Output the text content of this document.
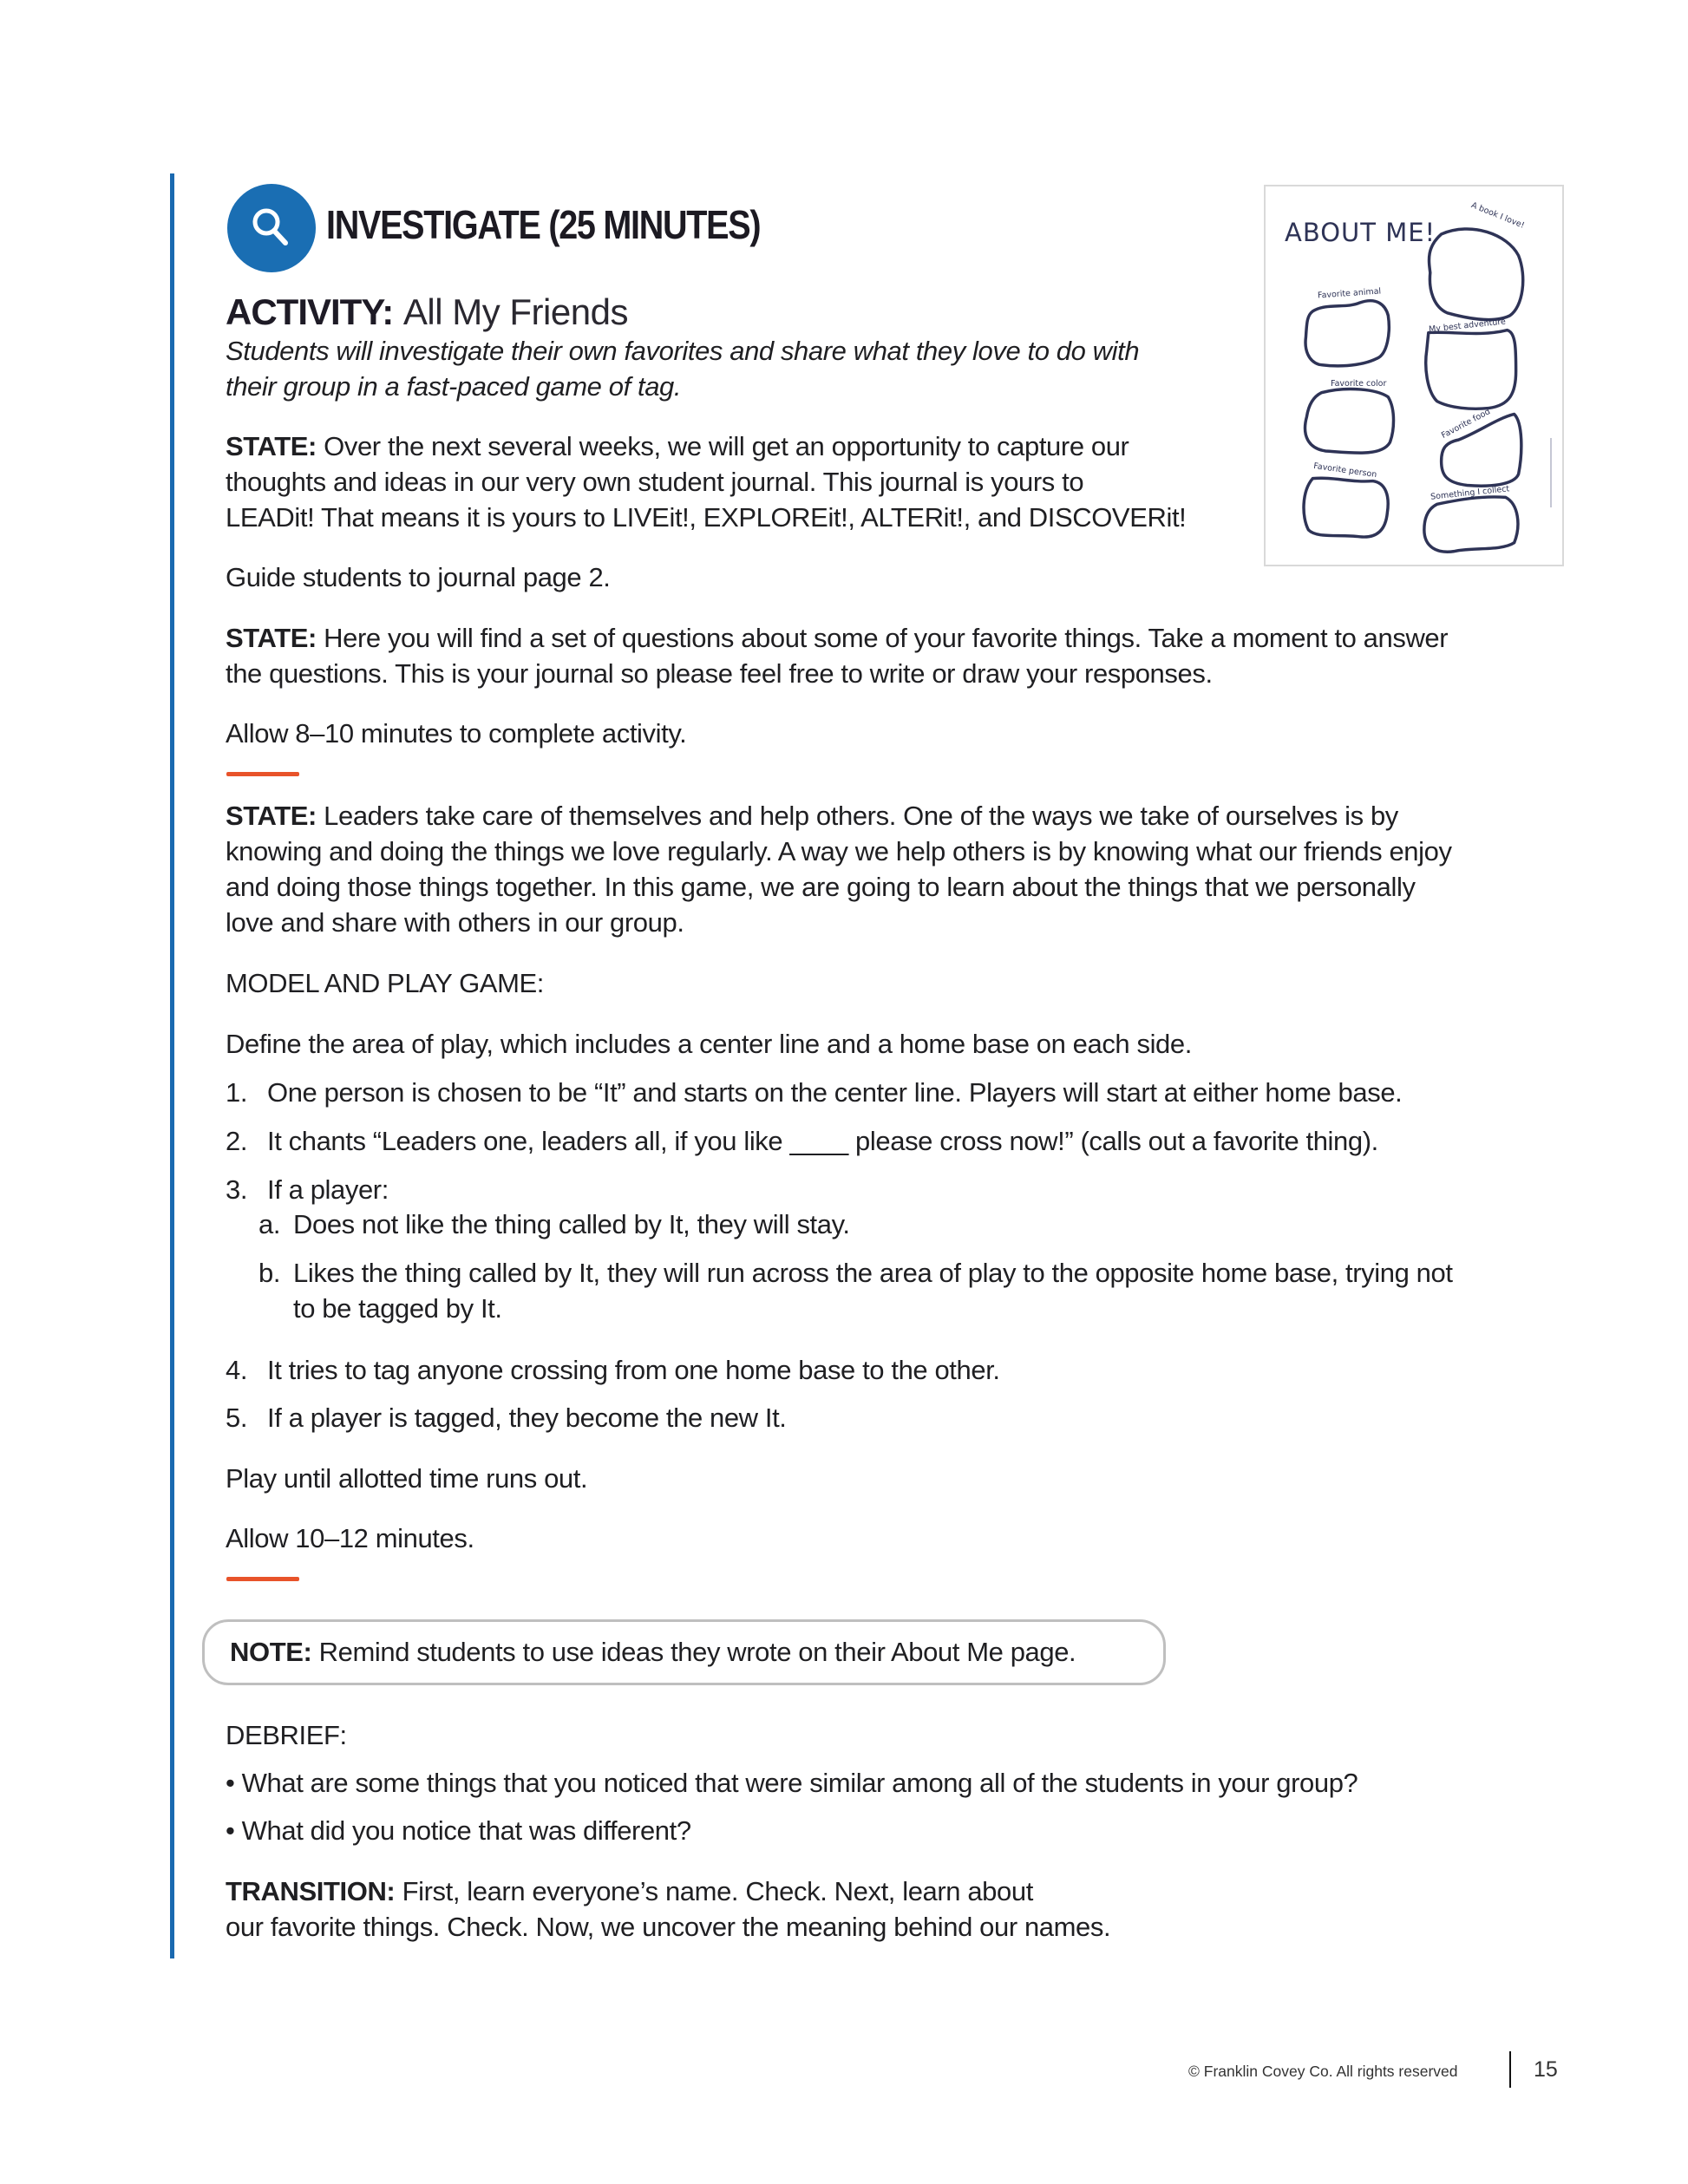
INVESTIGATE (25 MINUTES)
ACTIVITY: All My Friends
Students will investigate their own favorites and share what they love to do with
their group in a fast-paced game of tag.
STATE: Over the next several weeks, we will get an opportunity to capture our
thoughts and ideas in our very own student journal. This journal is yours to
LEADit! That means it is yours to LIVEit!, EXPLOREit!, ALTERit!, and DISCOVERit!
Guide students to journal page 2.
STATE: Here you will find a set of questions about some of your favorite things. Take a moment to answer
the questions. This is your journal so please feel free to write or draw your responses.
Allow 8–10 minutes to complete activity.
STATE: Leaders take care of themselves and help others. One of the ways we take of ourselves is by
knowing and doing the things we love regularly. A way we help others is by knowing what our friends enjoy
and doing those things together. In this game, we are going to learn about the things that we personally
love and share with others in our group.
MODEL AND PLAY GAME:
Define the area of play, which includes a center line and a home base on each side.
1. One person is chosen to be “It” and starts on the center line. Players will start at either home base.
2. It chants “Leaders one, leaders all, if you like ____ please cross now!” (calls out a favorite thing).
3. If a player:
a. Does not like the thing called by It, they will stay.
b. Likes the thing called by It, they will run across the area of play to the opposite home base, trying not
to be tagged by It.
4. It tries to tag anyone crossing from one home base to the other.
5. If a player is tagged, they become the new It.
Play until allotted time runs out.
Allow 10–12 minutes.
NOTE: Remind students to use ideas they wrote on their About Me page.
DEBRIEF:
• What are some things that you noticed that were similar among all of the students in your group?
• What did you notice that was different?
TRANSITION: First, learn everyone’s name. Check. Next, learn about
our favorite things. Check. Now, we uncover the meaning behind our names.
ABOUT ME!
A book I love!
Favorite animal
My best adventure
Favorite color
Favorite food
Favorite person
Something I collect
© Franklin Covey Co. All rights reserved	15
